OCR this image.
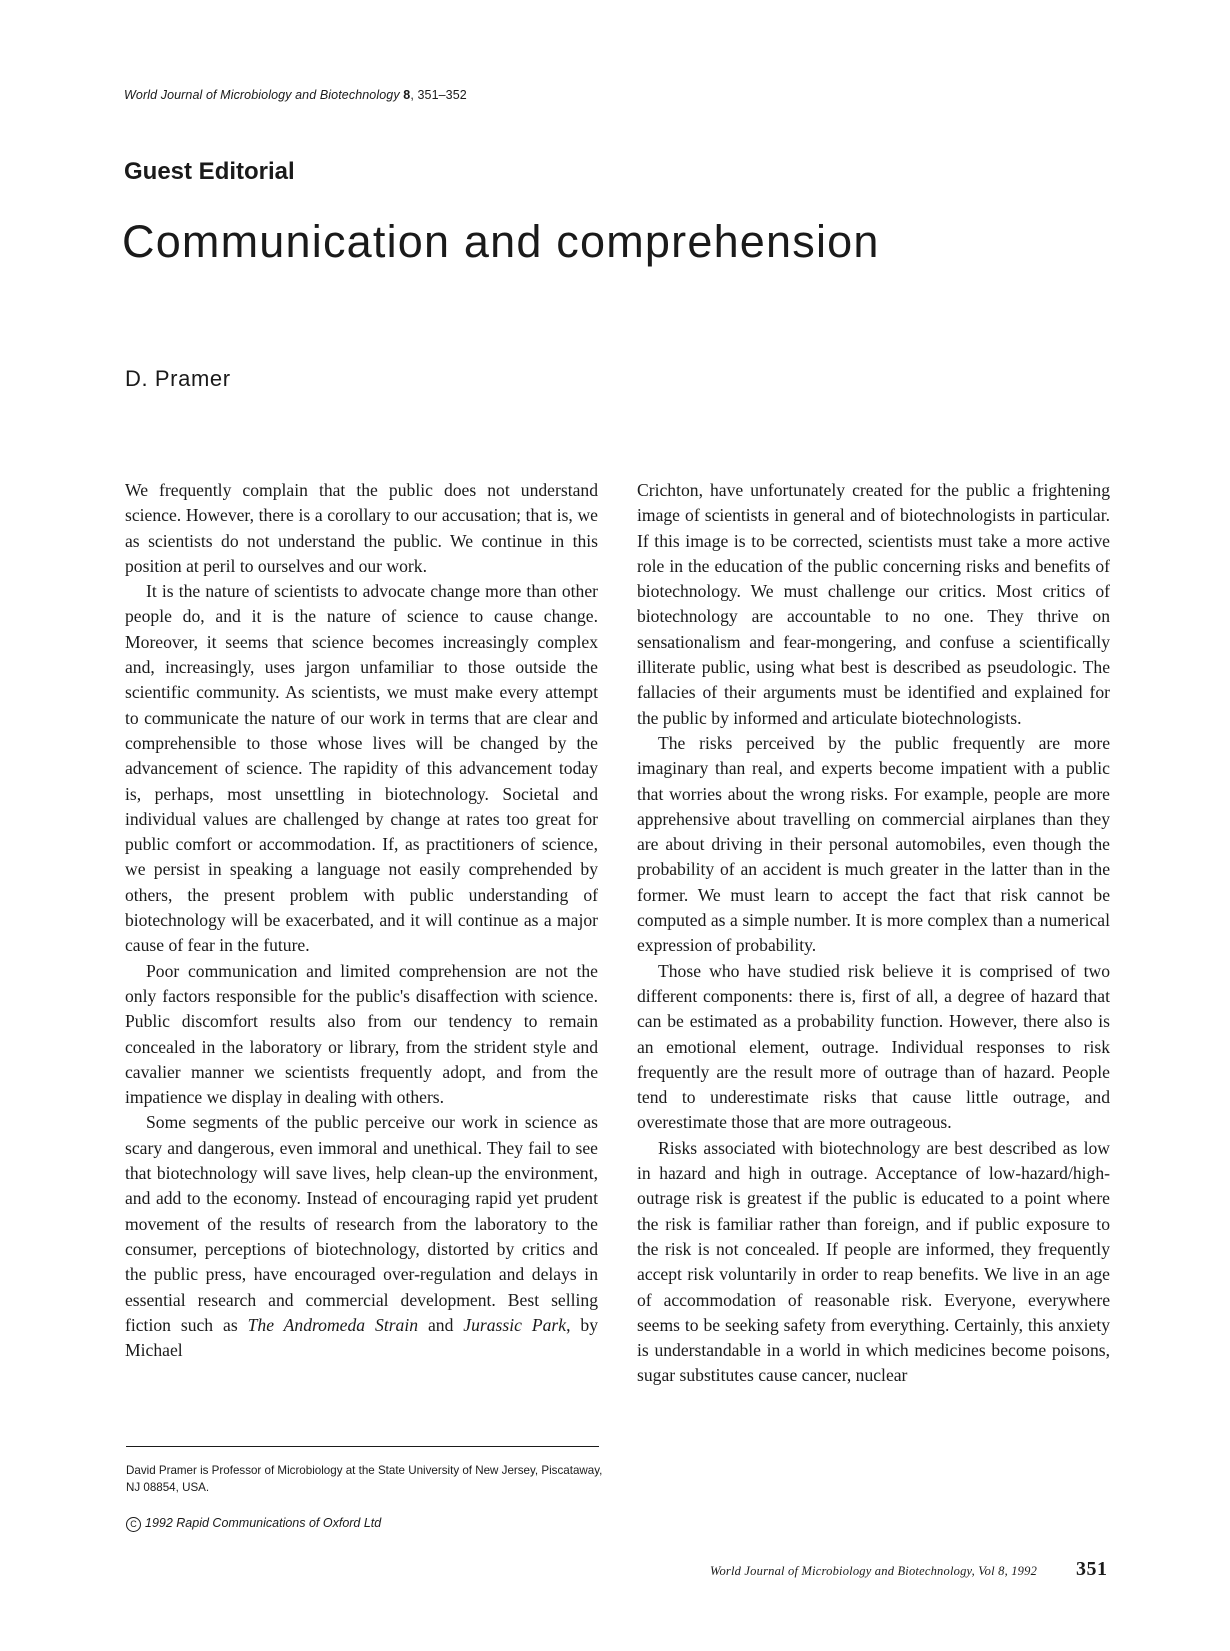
World Journal of Microbiology and Biotechnology 8, 351–352
Guest Editorial
Communication and comprehension
D. Pramer

We frequently complain that the public does not understand science. However, there is a corollary to our accusation; that is, we as scientists do not understand the public. We continue in this position at peril to ourselves and our work.

It is the nature of scientists to advocate change more than other people do, and it is the nature of science to cause change. Moreover, it seems that science becomes increasingly complex and, increasingly, uses jargon unfamiliar to those outside the scientific community. As scientists, we must make every attempt to communicate the nature of our work in terms that are clear and comprehensible to those whose lives will be changed by the advancement of science. The rapidity of this advancement today is, perhaps, most unsettling in biotechnology. Societal and individual values are challenged by change at rates too great for public comfort or accommodation. If, as practitioners of science, we persist in speaking a language not easily comprehended by others, the present problem with public understanding of biotechnology will be exacerbated, and it will continue as a major cause of fear in the future.

Poor communication and limited comprehension are not the only factors responsible for the public's disaffection with science. Public discomfort results also from our tendency to remain concealed in the laboratory or library, from the strident style and cavalier manner we scientists frequently adopt, and from the impatience we display in dealing with others.

Some segments of the public perceive our work in science as scary and dangerous, even immoral and unethical. They fail to see that biotechnology will save lives, help clean-up the environment, and add to the economy. Instead of encouraging rapid yet prudent movement of the results of research from the laboratory to the consumer, perceptions of biotechnology, distorted by critics and the public press, have encouraged over-regulation and delays in essential research and commercial development. Best selling fiction such as The Andromeda Strain and Jurassic Park, by Michael

Crichton, have unfortunately created for the public a frightening image of scientists in general and of biotechnologists in particular. If this image is to be corrected, scientists must take a more active role in the education of the public concerning risks and benefits of biotechnology. We must challenge our critics. Most critics of biotechnology are accountable to no one. They thrive on sensationalism and fear-mongering, and confuse a scientifically illiterate public, using what best is described as pseudologic. The fallacies of their arguments must be identified and explained for the public by informed and articulate biotechnologists.

The risks perceived by the public frequently are more imaginary than real, and experts become impatient with a public that worries about the wrong risks. For example, people are more apprehensive about travelling on commercial airplanes than they are about driving in their personal automobiles, even though the probability of an accident is much greater in the latter than in the former. We must learn to accept the fact that risk cannot be computed as a simple number. It is more complex than a numerical expression of probability.

Those who have studied risk believe it is comprised of two different components: there is, first of all, a degree of hazard that can be estimated as a probability function. However, there also is an emotional element, outrage. Individual responses to risk frequently are the result more of outrage than of hazard. People tend to underestimate risks that cause little outrage, and overestimate those that are more outrageous.

Risks associated with biotechnology are best described as low in hazard and high in outrage. Acceptance of low-hazard/high-outrage risk is greatest if the public is educated to a point where the risk is familiar rather than foreign, and if public exposure to the risk is not concealed. If people are informed, they frequently accept risk voluntarily in order to reap benefits. We live in an age of accommodation of reasonable risk. Everyone, everywhere seems to be seeking safety from everything. Certainly, this anxiety is understandable in a world in which medicines become poisons, sugar substitutes cause cancer, nuclear

David Pramer is Professor of Microbiology at the State University of New Jersey, Piscataway, NJ 08854, USA.
C 1992 Rapid Communications of Oxford Ltd
World Journal of Microbiology and Biotechnology, Vol 8, 1992 351
